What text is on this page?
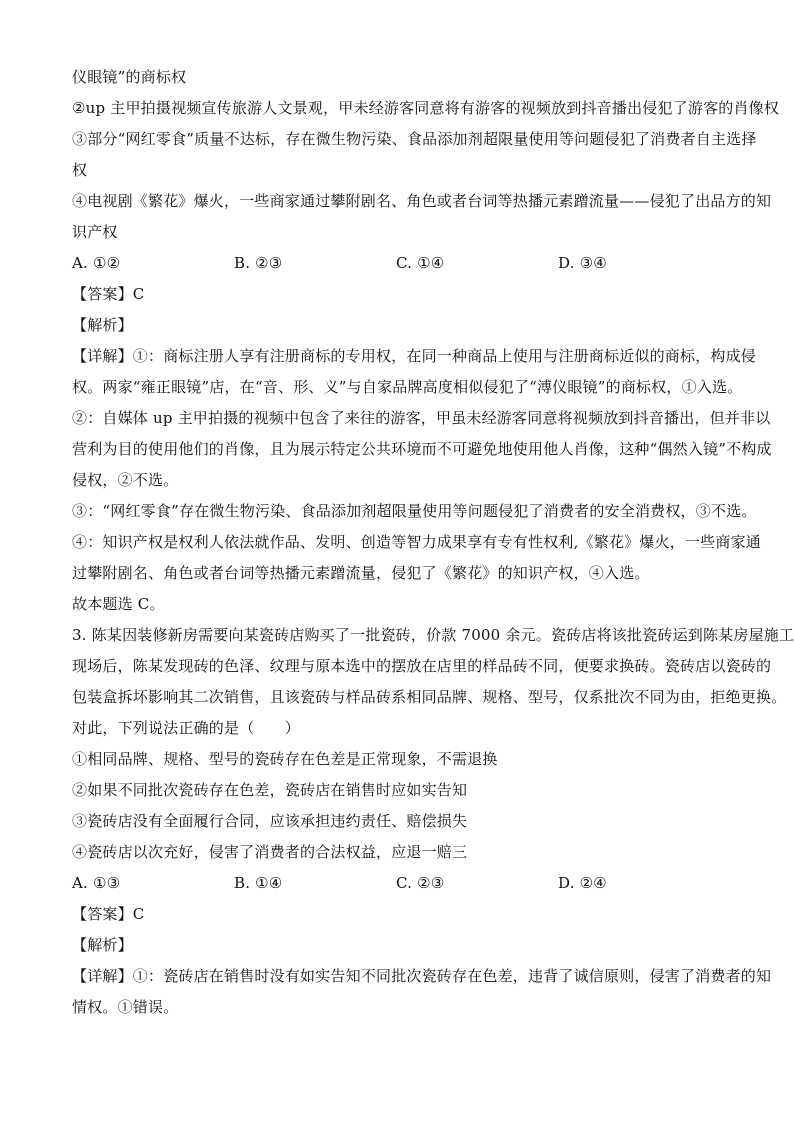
仪眼镜”的商标权
②up 主甲拍摄视频宣传旅游人文景观，甲未经游客同意将有游客的视频放到抖音播出侵犯了游客的肖像权
③部分“网红零食”质量不达标，存在微生物污染、食品添加剂超限量使用等问题侵犯了消费者自主选择
权
④电视剧《繁花》爆火，一些商家通过攀附剧名、角色或者台词等热播元素蹭流量——侵犯了出品方的知
识产权
A. ①②	B. ②③	C. ①④	D. ③④
【答案】C
【解析】
【详解】①：商标注册人享有注册商标的专用权，在同一种商品上使用与注册商标近似的商标，构成侵
权。两家“雍正眼镜”店，在“音、形、义”与自家品牌高度相似侵犯了“溥仪眼镜”的商标权，①入选。
②：自媒体 up 主甲拍摄的视频中包含了来往的游客，甲虽未经游客同意将视频放到抖音播出，但并非以
营利为目的使用他们的肖像，且为展示特定公共环境而不可避免地使用他人肖像，这种“偶然入镜”不构成
侵权，②不选。
③：“网红零食”存在微生物污染、食品添加剂超限量使用等问题侵犯了消费者的安全消费权，③不选。
④：知识产权是权利人依法就作品、发明、创造等智力成果享有专有性权利,《繁花》爆火，一些商家通
过攀附剧名、角色或者台词等热播元素蹭流量，侵犯了《繁花》的知识产权，④入选。
故本题选 C。
3. 陈某因装修新房需要向某瓷砖店购买了一批瓷砖，价款 7000 余元。瓷砖店将该批瓷砖运到陈某房屋施工
现场后，陈某发现砖的色泽、纹理与原本选中的摆放在店里的样品砖不同，便要求换砖。瓷砖店以瓷砖的
包装盒拆坏影响其二次销售，且该瓷砖与样品砖系相同品牌、规格、型号，仅系批次不同为由，拒绝更换。
对此，下列说法正确的是（　　）
①相同品牌、规格、型号的瓷砖存在色差是正常现象，不需退换
②如果不同批次瓷砖存在色差，瓷砖店在销售时应如实告知
③瓷砖店没有全面履行合同，应该承担违约责任、赔偿损失
④瓷砖店以次充好，侵害了消费者的合法权益，应退一赔三
A. ①③	B. ①④	C. ②③	D. ②④
【答案】C
【解析】
【详解】①：瓷砖店在销售时没有如实告知不同批次瓷砖存在色差，违背了诚信原则，侵害了消费者的知
情权。①错误。
